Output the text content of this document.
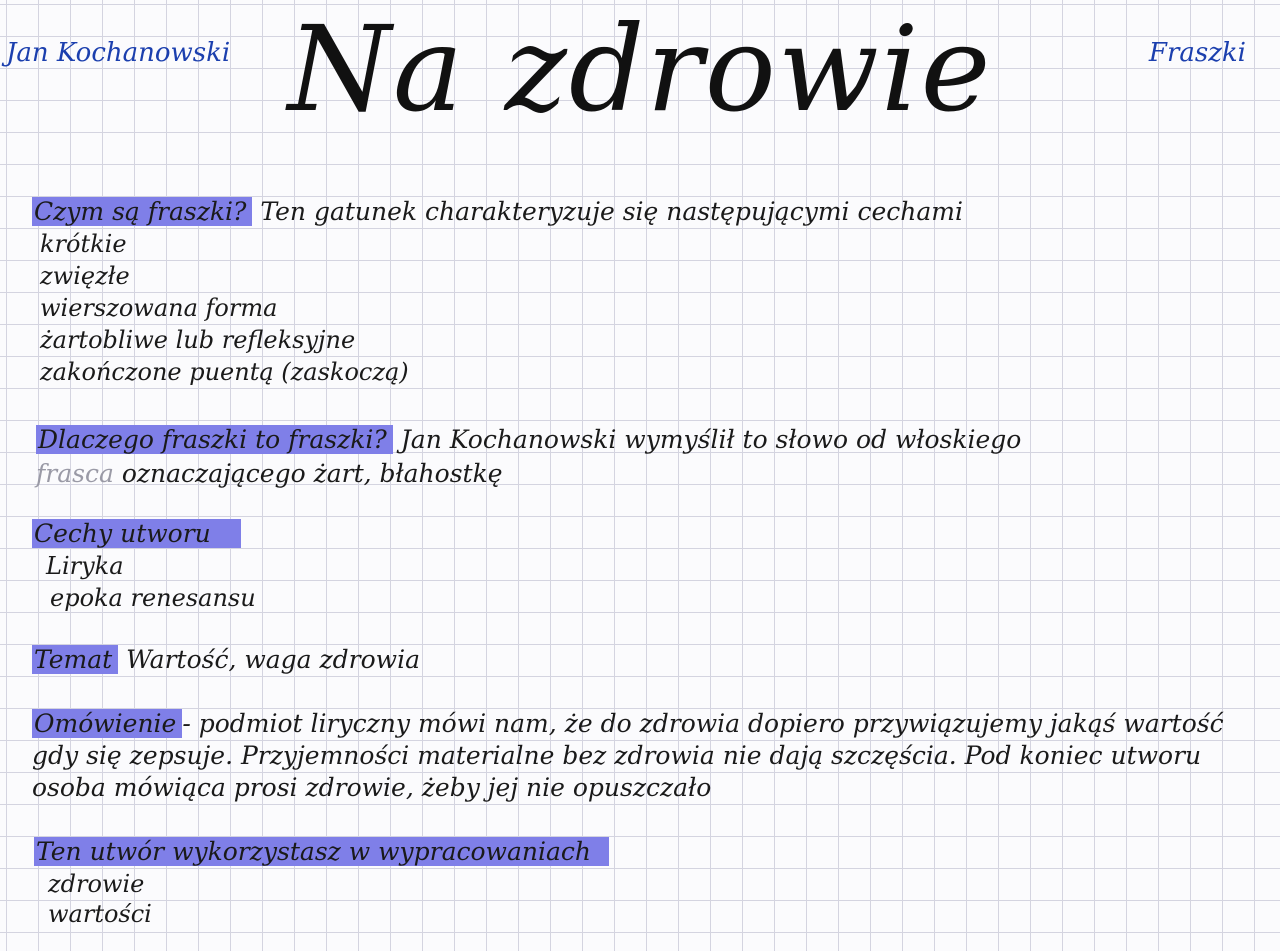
Jan Kochanowski Na zdrowie	Fraszki
Czym są fraszki? Ten gatunek charakteryzuje się następującymi cechami
krótkie
zwięzłe
wierszowana forma
żartobliwe lub refleksyjne
zakończone puentą (zaskoczą)
Dlaczego fraszki to fraszki? Jan Kochanowski wymyślił to słowo od włoskiego
frasca oznaczającego żart, błahostkę
Cechy utworu
Liryka
epoka renesansu
Temat Wartość, waga zdrowia
Omówienie - podmiot liryczny mówi nam, że do zdrowia dopiero przywiązujemy jakąś wartość gdy się zepsuje. Przyjemności materialne bez zdrowia nie dają szczęścia. Pod koniec utworu osoba mówiąca prosi zdrowie, żeby jej nie opuszczało
Ten utwór wykorzystasz w wypracowaniach
zdrowie
wartości
